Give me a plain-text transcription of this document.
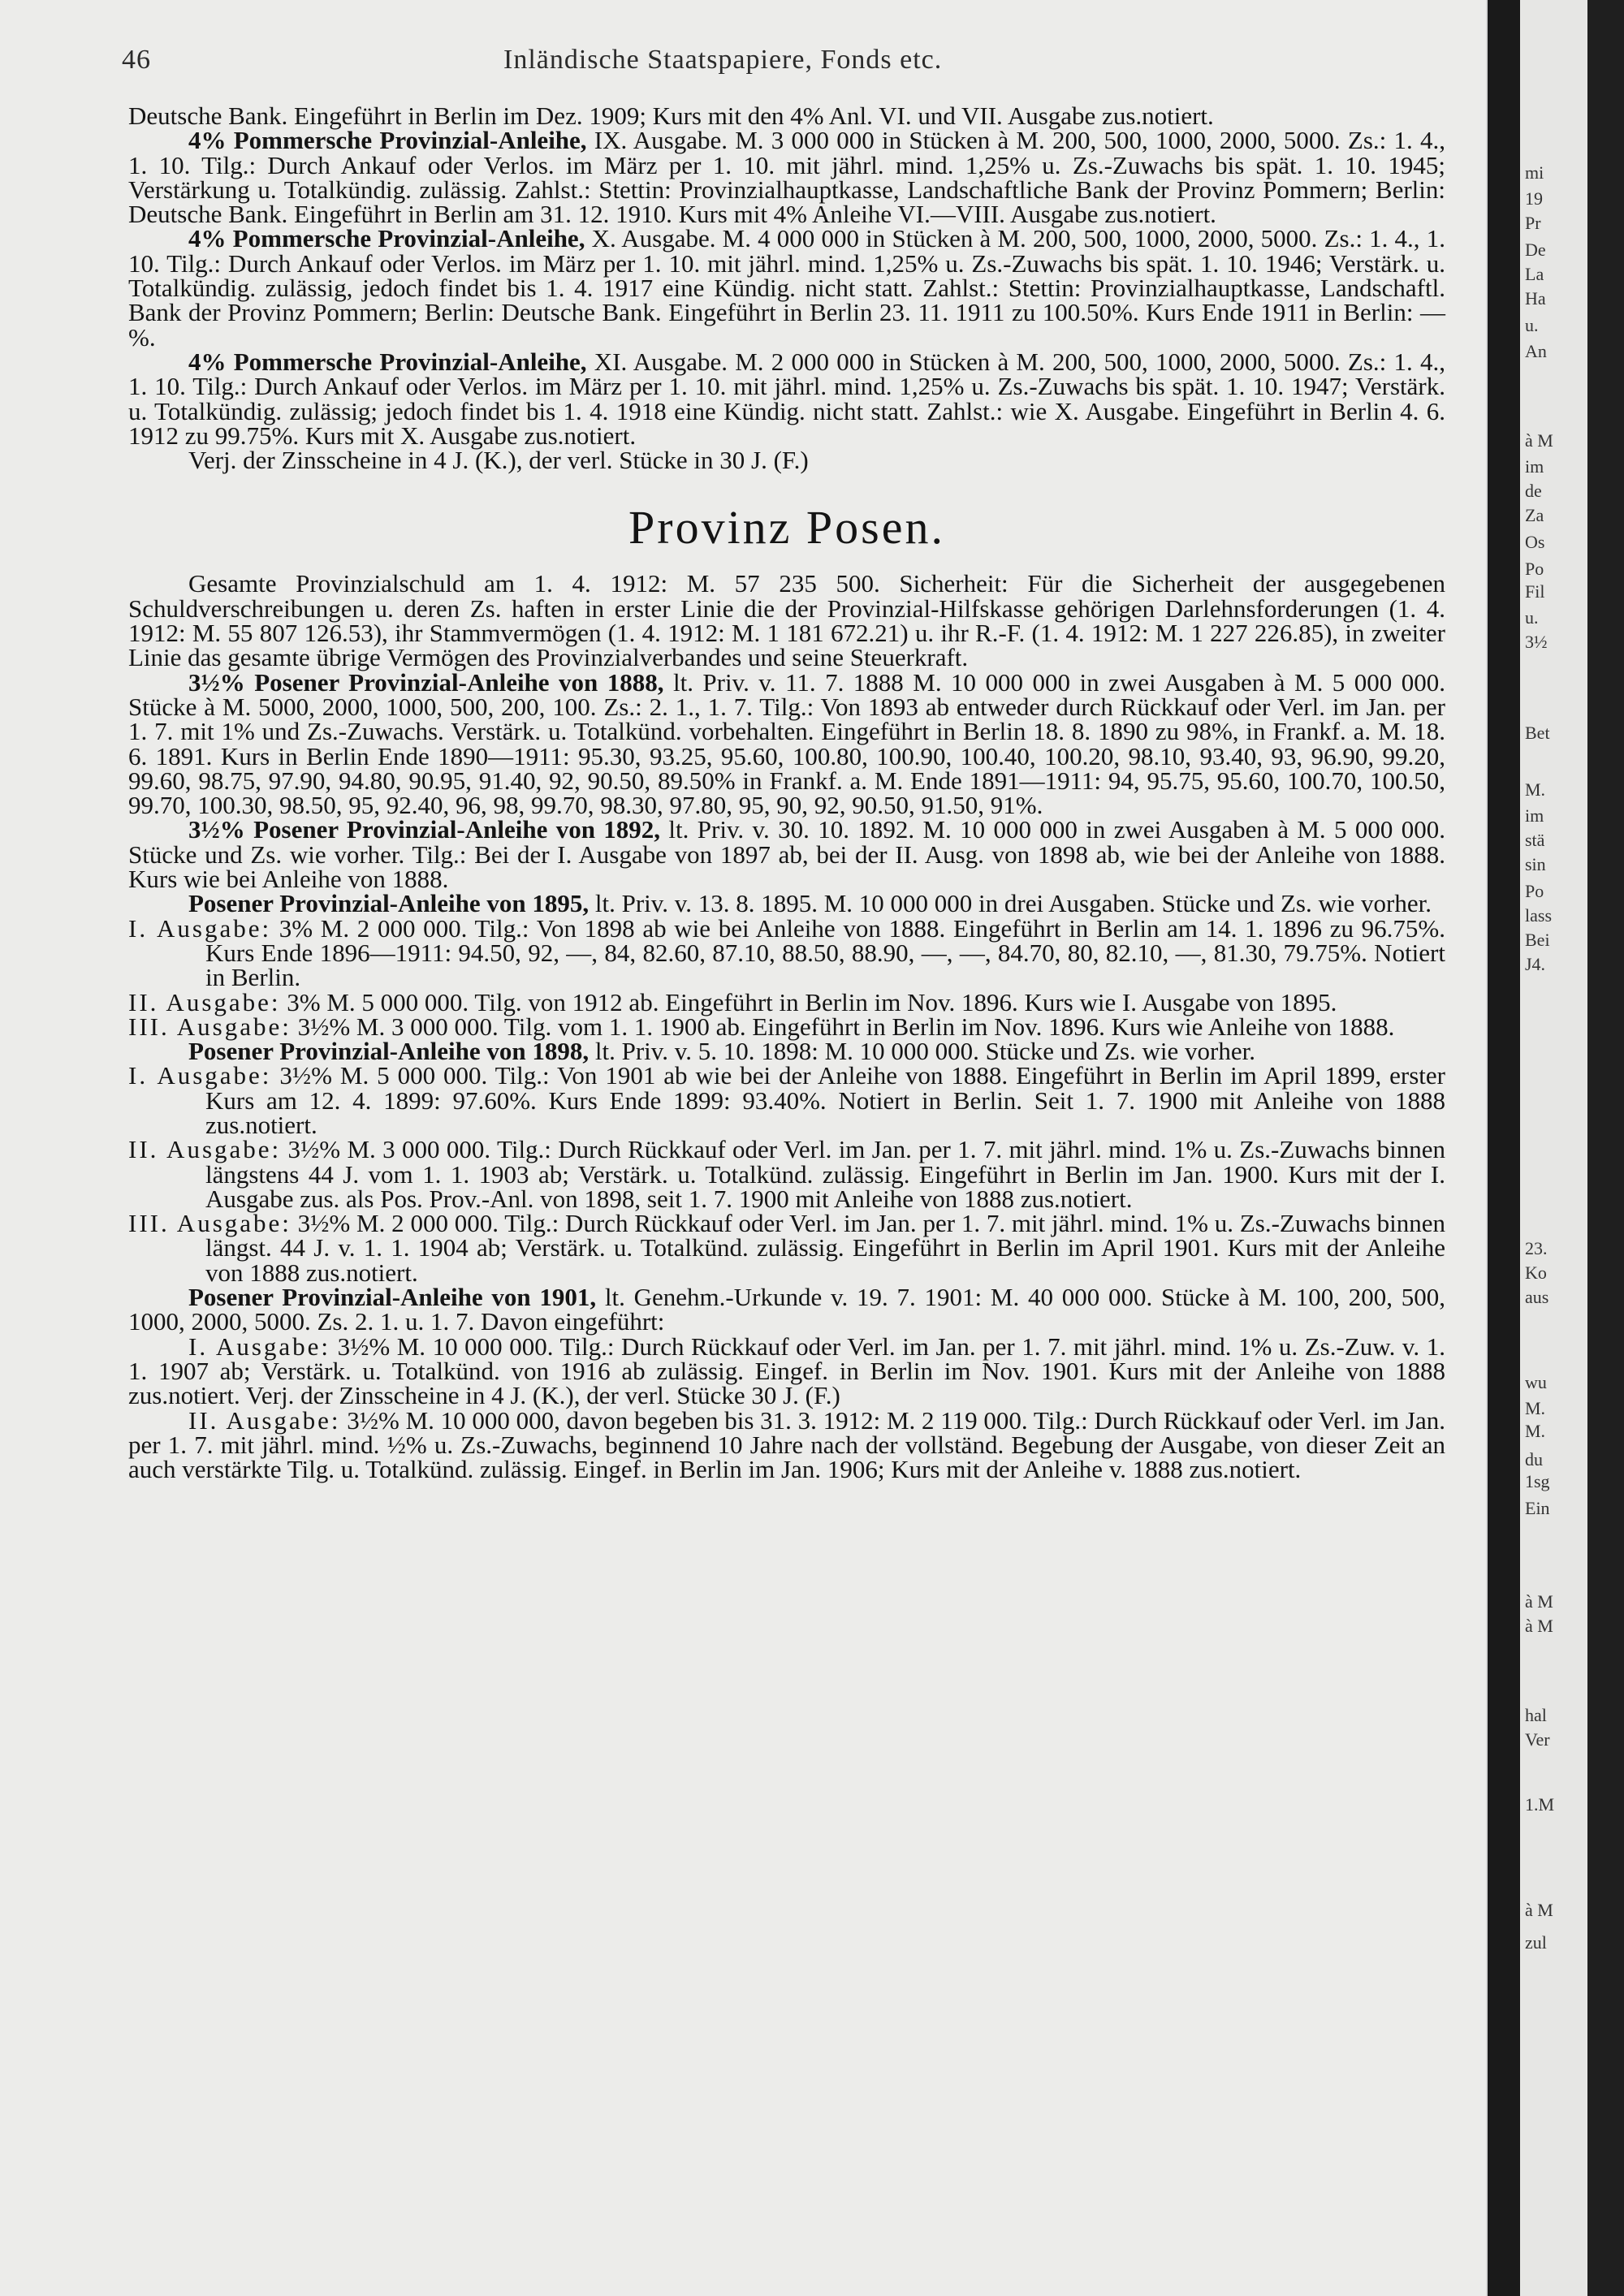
46	Inländische Staatspapiere, Fonds etc.

Deutsche Bank. Eingeführt in Berlin im Dez. 1909; Kurs mit den 4% Anl. VI. und VII. Ausgabe zus.notiert.

4% Pommersche Provinzial-Anleihe, IX. Ausgabe. M. 3 000 000 in Stücken à M. 200, 500, 1000, 2000, 5000. Zs.: 1. 4., 1. 10. Tilg.: Durch Ankauf oder Verlos. im März per 1. 10. mit jährl. mind. 1,25% u. Zs.-Zuwachs bis spät. 1. 10. 1945; Verstärkung u. Totalkündig. zulässig. Zahlst.: Stettin: Provinzialhauptkasse, Landschaftliche Bank der Provinz Pommern; Berlin: Deutsche Bank. Eingeführt in Berlin am 31. 12. 1910. Kurs mit 4% Anleihe VI.—VIII. Ausgabe zus.notiert.

4% Pommersche Provinzial-Anleihe, X. Ausgabe. M. 4 000 000 in Stücken à M. 200, 500, 1000, 2000, 5000. Zs.: 1. 4., 1. 10. Tilg.: Durch Ankauf oder Verlos. im März per 1. 10. mit jährl. mind. 1,25% u. Zs.-Zuwachs bis spät. 1. 10. 1946; Verstärk. u. Totalkündig. zulässig, jedoch findet bis 1. 4. 1917 eine Kündig. nicht statt. Zahlst.: Stettin: Provinzialhauptkasse, Landschaftl. Bank der Provinz Pommern; Berlin: Deutsche Bank. Eingeführt in Berlin 23. 11. 1911 zu 100.50%. Kurs Ende 1911 in Berlin: —%.

4% Pommersche Provinzial-Anleihe, XI. Ausgabe. M. 2 000 000 in Stücken à M. 200, 500, 1000, 2000, 5000. Zs.: 1. 4., 1. 10. Tilg.: Durch Ankauf oder Verlos. im März per 1. 10. mit jährl. mind. 1,25% u. Zs.-Zuwachs bis spät. 1. 10. 1947; Verstärk. u. Totalkündig. zulässig; jedoch findet bis 1. 4. 1918 eine Kündig. nicht statt. Zahlst.: wie X. Ausgabe. Eingeführt in Berlin 4. 6. 1912 zu 99.75%. Kurs mit X. Ausgabe zus.notiert.

Verj. der Zinsscheine in 4 J. (K.), der verl. Stücke in 30 J. (F.)

Provinz Posen.

Gesamte Provinzialschuld am 1. 4. 1912: M. 57 235 500. Sicherheit: Für die Sicherheit der ausgegebenen Schuldverschreibungen u. deren Zs. haften in erster Linie die der Provinzial-Hilfskasse gehörigen Darlehnsforderungen (1. 4. 1912: M. 55 807 126.53), ihr Stammvermögen (1. 4. 1912: M. 1 181 672.21) u. ihr R.-F. (1. 4. 1912: M. 1 227 226.85), in zweiter Linie das gesamte übrige Vermögen des Provinzialverbandes und seine Steuerkraft.

3½% Posener Provinzial-Anleihe von 1888, lt. Priv. v. 11. 7. 1888 M. 10 000 000 in zwei Ausgaben à M. 5 000 000. Stücke à M. 5000, 2000, 1000, 500, 200, 100. Zs.: 2. 1., 1. 7. Tilg.: Von 1893 ab entweder durch Rückkauf oder Verl. im Jan. per 1. 7. mit 1% und Zs.-Zuwachs. Verstärk. u. Totalkünd. vorbehalten. Eingeführt in Berlin 18. 8. 1890 zu 98%, in Frankf. a. M. 18. 6. 1891. Kurs in Berlin Ende 1890—1911: 95.30, 93.25, 95.60, 100.80, 100.90, 100.40, 100.20, 98.10, 93.40, 93, 96.90, 99.20, 99.60, 98.75, 97.90, 94.80, 90.95, 91.40, 92, 90.50, 89.50% in Frankf. a. M. Ende 1891—1911: 94, 95.75, 95.60, 100.70, 100.50, 99.70, 100.30, 98.50, 95, 92.40, 96, 98, 99.70, 98.30, 97.80, 95, 90, 92, 90.50, 91.50, 91%.

3½% Posener Provinzial-Anleihe von 1892, lt. Priv. v. 30. 10. 1892. M. 10 000 000 in zwei Ausgaben à M. 5 000 000. Stücke und Zs. wie vorher. Tilg.: Bei der I. Ausgabe von 1897 ab, bei der II. Ausg. von 1898 ab, wie bei der Anleihe von 1888. Kurs wie bei Anleihe von 1888.

Posener Provinzial-Anleihe von 1895, lt. Priv. v. 13. 8. 1895. M. 10 000 000 in drei Ausgaben. Stücke und Zs. wie vorher.

I. Ausgabe: 3% M. 2 000 000. Tilg.: Von 1898 ab wie bei Anleihe von 1888. Eingeführt in Berlin am 14. 1. 1896 zu 96.75%. Kurs Ende 1896—1911: 94.50, 92, —, 84, 82.60, 87.10, 88.50, 88.90, —, —, 84.70, 80, 82.10, —, 81.30, 79.75%. Notiert in Berlin.

II. Ausgabe: 3% M. 5 000 000. Tilg. von 1912 ab. Eingeführt in Berlin im Nov. 1896. Kurs wie I. Ausgabe von 1895.

III. Ausgabe: 3½% M. 3 000 000. Tilg. vom 1. 1. 1900 ab. Eingeführt in Berlin im Nov. 1896. Kurs wie Anleihe von 1888.

Posener Provinzial-Anleihe von 1898, lt. Priv. v. 5. 10. 1898: M. 10 000 000. Stücke und Zs. wie vorher.

I. Ausgabe: 3½% M. 5 000 000. Tilg.: Von 1901 ab wie bei der Anleihe von 1888. Eingeführt in Berlin im April 1899, erster Kurs am 12. 4. 1899: 97.60%. Kurs Ende 1899: 93.40%. Notiert in Berlin. Seit 1. 7. 1900 mit Anleihe von 1888 zus.notiert.

II. Ausgabe: 3½% M. 3 000 000. Tilg.: Durch Rückkauf oder Verl. im Jan. per 1. 7. mit jährl. mind. 1% u. Zs.-Zuwachs binnen längstens 44 J. vom 1. 1. 1903 ab; Verstärk. u. Totalkünd. zulässig. Eingeführt in Berlin im Jan. 1900. Kurs mit der I. Ausgabe zus. als Pos. Prov.-Anl. von 1898, seit 1. 7. 1900 mit Anleihe von 1888 zus.notiert.

III. Ausgabe: 3½% M. 2 000 000. Tilg.: Durch Rückkauf oder Verl. im Jan. per 1. 7. mit jährl. mind. 1% u. Zs.-Zuwachs binnen längst. 44 J. v. 1. 1. 1904 ab; Verstärk. u. Totalkünd. zulässig. Eingeführt in Berlin im April 1901. Kurs mit der Anleihe von 1888 zus.notiert.

Posener Provinzial-Anleihe von 1901, lt. Genehm.-Urkunde v. 19. 7. 1901: M. 40 000 000. Stücke à M. 100, 200, 500, 1000, 2000, 5000. Zs. 2. 1. u. 1. 7. Davon eingeführt:

I. Ausgabe: 3½% M. 10 000 000. Tilg.: Durch Rückkauf oder Verl. im Jan. per 1. 7. mit jährl. mind. 1% u. Zs.-Zuw. v. 1. 1. 1907 ab; Verstärk. u. Totalkünd. von 1916 ab zulässig. Eingef. in Berlin im Nov. 1901. Kurs mit der Anleihe von 1888 zus.notiert. Verj. der Zinsscheine in 4 J. (K.), der verl. Stücke 30 J. (F.)

II. Ausgabe: 3½% M. 10 000 000, davon begeben bis 31. 3. 1912: M. 2 119 000. Tilg.: Durch Rückkauf oder Verl. im Jan. per 1. 7. mit jährl. mind. ½% u. Zs.-Zuwachs, beginnend 10 Jahre nach der vollständ. Begebung der Ausgabe, von dieser Zeit an auch verstärkte Tilg. u. Totalkünd. zulässig. Eingef. in Berlin im Jan. 1906; Kurs mit der Anleihe v. 1888 zus.notiert.

mi
19
Pr
De
La
Ha
u.
An
à M
im
de
Za
Os
Po
Fil
u.
3½
Bet
M.
im
stä
sin
Po
lass
Bei
J4.
23.
Ko
aus
wu
M.
M.
du
1sg
Ein
à M
à M
hal
Ver
1.M
à M
zul
